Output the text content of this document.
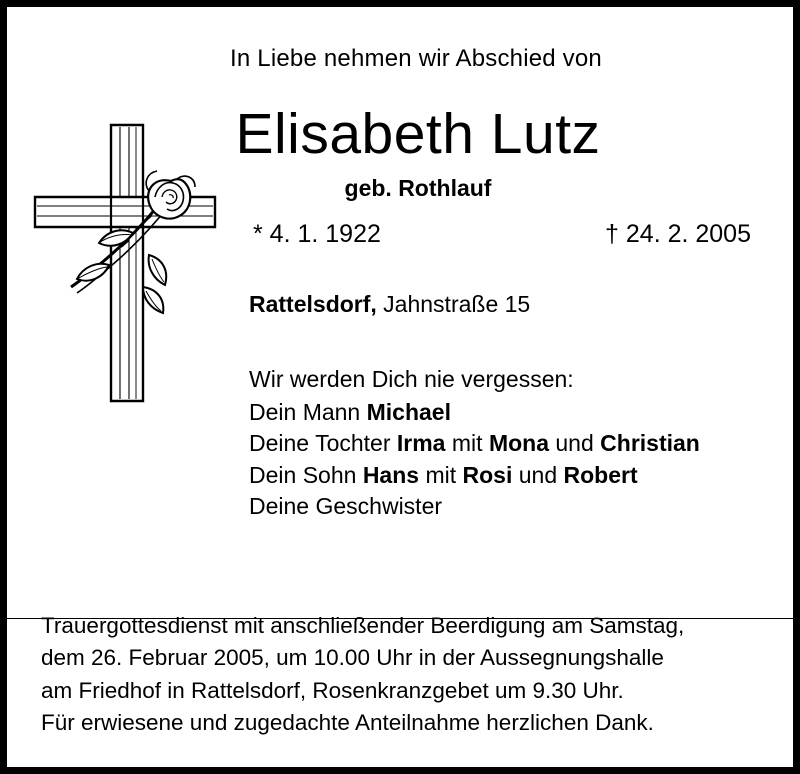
In Liebe nehmen wir Abschied von
Elisabeth Lutz
geb. Rothlauf
* 4. 1. 1922	† 24. 2. 2005
Rattelsdorf, Jahnstraße 15
Wir werden Dich nie vergessen:
Dein Mann Michael
Deine Tochter Irma mit Mona und Christian
Dein Sohn Hans mit Rosi und Robert
Deine Geschwister
Trauergottesdienst mit anschließender Beerdigung am Samstag,
dem 26. Februar 2005, um 10.00 Uhr in der Aussegnungshalle
am Friedhof in Rattelsdorf, Rosenkranzgebet um 9.30 Uhr.
Für erwiesene und zugedachte Anteilnahme herzlichen Dank.
